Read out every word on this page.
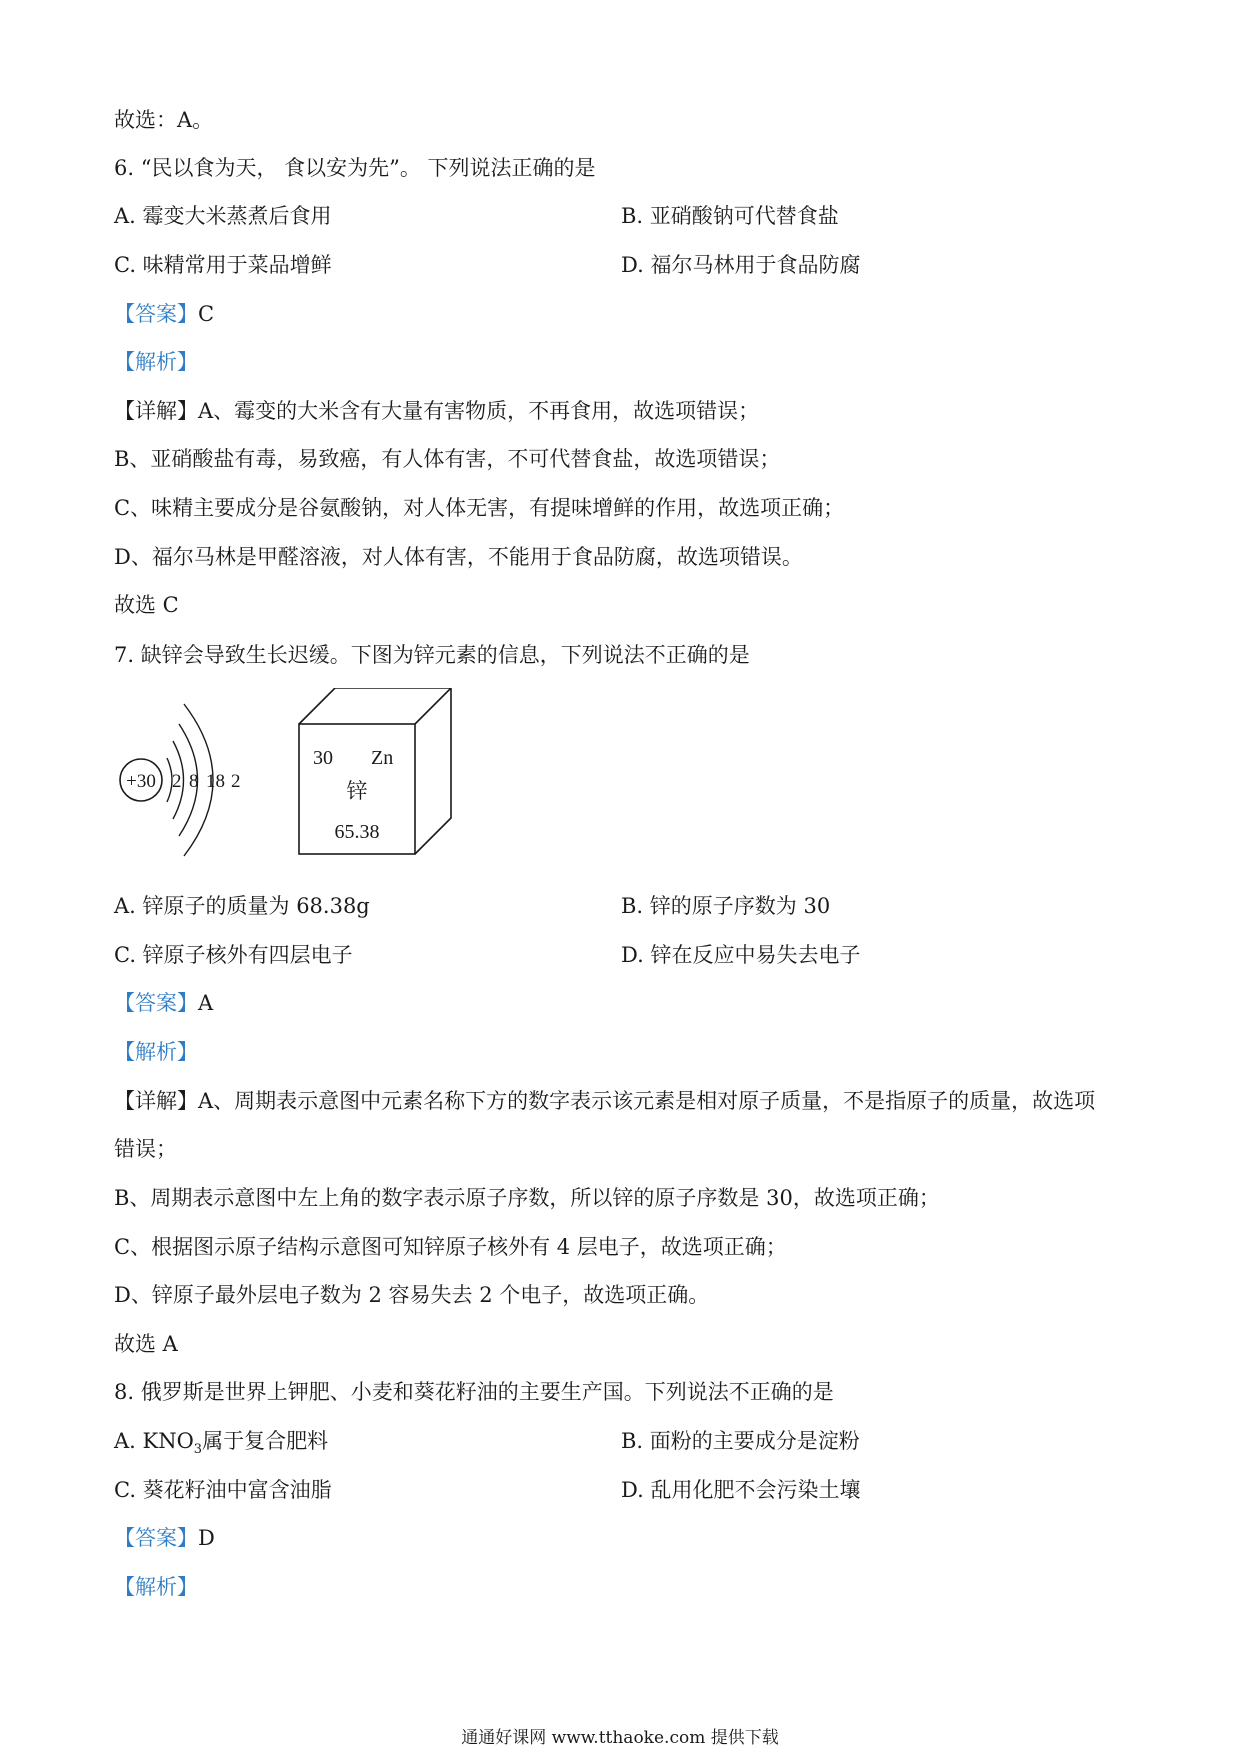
故选：A。
6. “民以食为天， 食以安为先”。 下列说法正确的是
A. 霉变大米蒸煮后食用	B. 亚硝酸钠可代替食盐
C. 味精常用于菜品增鲜	D. 福尔马林用于食品防腐
【答案】C
【解析】
【详解】A、霉变的大米含有大量有害物质，不再食用，故选项错误；
B、亚硝酸盐有毒，易致癌，有人体有害，不可代替食盐，故选项错误；
C、味精主要成分是谷氨酸钠，对人体无害，有提味增鲜的作用，故选项正确；
D、福尔马林是甲醛溶液，对人体有害，不能用于食品防腐，故选项错误。
故选 C
7. 缺锌会导致生长迟缓。下图为锌元素的信息，下列说法不正确的是
+30 2 8 18 2
30 Zn
锌
65.38
A. 锌原子的质量为 68.38g	B. 锌的原子序数为 30
C. 锌原子核外有四层电子	D. 锌在反应中易失去电子
【答案】A
【解析】
【详解】A、周期表示意图中元素名称下方的数字表示该元素是相对原子质量，不是指原子的质量，故选项
错误；
B、周期表示意图中左上角的数字表示原子序数，所以锌的原子序数是 30，故选项正确；
C、根据图示原子结构示意图可知锌原子核外有 4 层电子，故选项正确；
D、锌原子最外层电子数为 2 容易失去 2 个电子，故选项正确。
故选 A
8. 俄罗斯是世界上钾肥、小麦和葵花籽油的主要生产国。下列说法不正确的是
A. $KNO_3$属于复合肥料	B. 面粉的主要成分是淀粉
C. 葵花籽油中富含油脂	D. 乱用化肥不会污染土壤
【答案】D
【解析】
通通好课网 www.tthaoke.com 提供下载
